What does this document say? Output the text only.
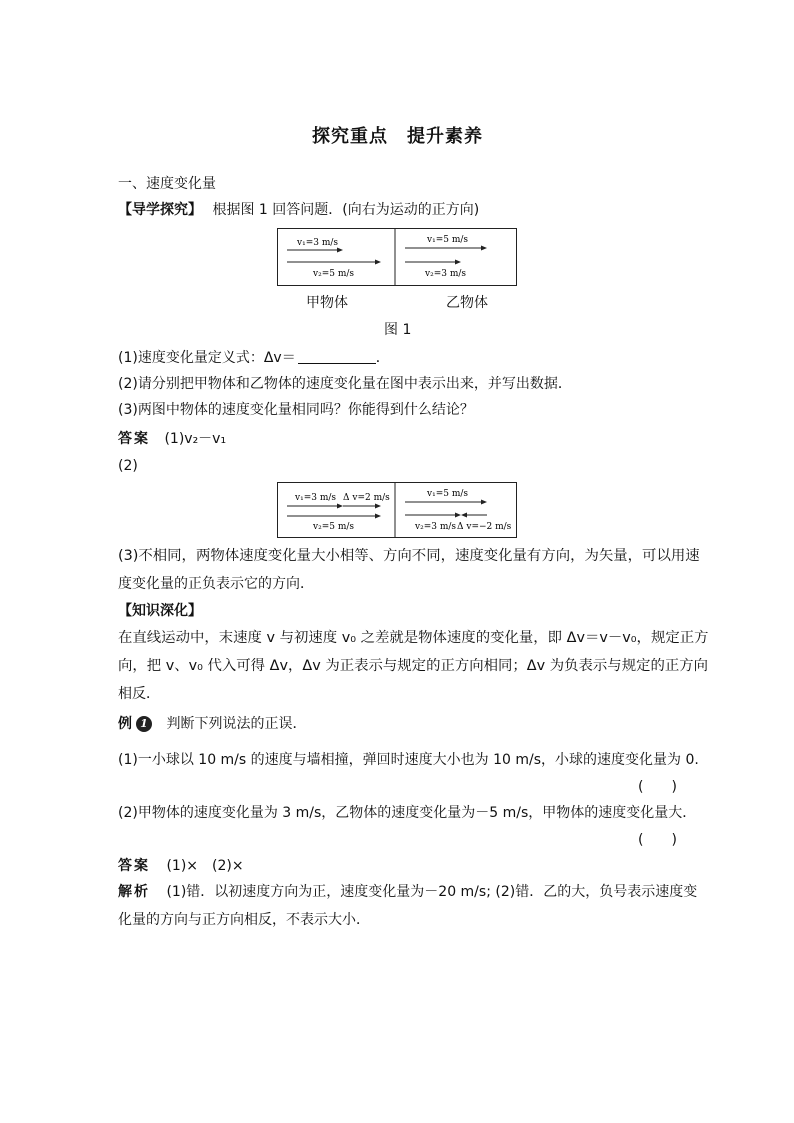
探究重点　提升素养
一、速度变化量
【导学探究】 根据图 1 回答问题．(向右为运动的正方向)
v₁=3 m/s
v₂=5 m/s
v₁=5 m/s
v₂=3 m/s
甲物体	乙物体
图 1
(1)速度变化量定义式：Δv＝	．
(2)请分别把甲物体和乙物体的速度变化量在图中表示出来，并写出数据．
(3)两图中物体的速度变化量相同吗？你能得到什么结论？
答案 (1)v₂－v₁
(2)
v₁=3 m/s Δ v=2 m/s
v₂=5 m/s
v₁=5 m/s
v₂=3 m/s Δ v=−2 m/s
(3)不相同，两物体速度变化量大小相等、方向不同，速度变化量有方向，为矢量，可以用速
度变化量的正负表示它的方向．
【知识深化】
在直线运动中，末速度 v 与初速度 v₀ 之差就是物体速度的变化量，即 Δv＝v－v₀，规定正方
向，把 v、v₀ 代入可得 Δv，Δv 为正表示与规定的正方向相同；Δv 为负表示与规定的正方向
相反．
例 1 判断下列说法的正误．
(1)一小球以 10 m/s 的速度与墙相撞，弹回时速度大小也为 10 m/s，小球的速度变化量为 0.
(　　)
(2)甲物体的速度变化量为 3 m/s，乙物体的速度变化量为－5 m/s，甲物体的速度变化量大．
(　　)
答案 (1)×　(2)×
解析 (1)错．以初速度方向为正，速度变化量为－20 m/s; (2)错．乙的大，负号表示速度变
化量的方向与正方向相反，不表示大小．
